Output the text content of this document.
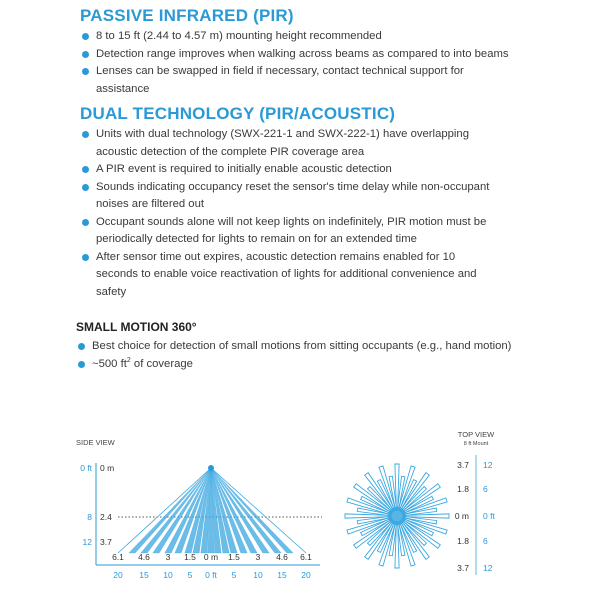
PASSIVE INFRARED (PIR)
8 to 15 ft (2.44 to 4.57 m) mounting height recommended
Detection range improves when walking across beams as compared to into beams
Lenses can be swapped in field if necessary, contact technical support for assistance
DUAL TECHNOLOGY (PIR/ACOUSTIC)
Units with dual technology (SWX-221-1 and SWX-222-1) have overlapping acoustic detection of the complete PIR coverage area
A PIR event is required to initially enable acoustic detection
Sounds indicating occupancy reset the sensor's time delay while non-occupant noises are filtered out
Occupant sounds alone will not keep lights on indefinitely, PIR motion must be periodically detected for lights to remain on for an extended time
After sensor time out expires, acoustic detection remains enabled for 10 seconds to enable voice reactivation of lights for additional convenience and safety
SMALL MOTION 360°
Best choice for detection of small motions from sitting occupants (e.g., hand motion)
~500 $ft^2$ of coverage
SIDE VIEW
0 ft
8
12
0 m
2.4
3.7
6.1 4.6 3 1.5 0 m 1.5 3 4.6 6.1
20 15 10 5 0 ft 5 10 15 20
TOP VIEW
8 ft Mount
3.7
1.8
0 m
1.8
3.7
12
6
0 ft
6
12
